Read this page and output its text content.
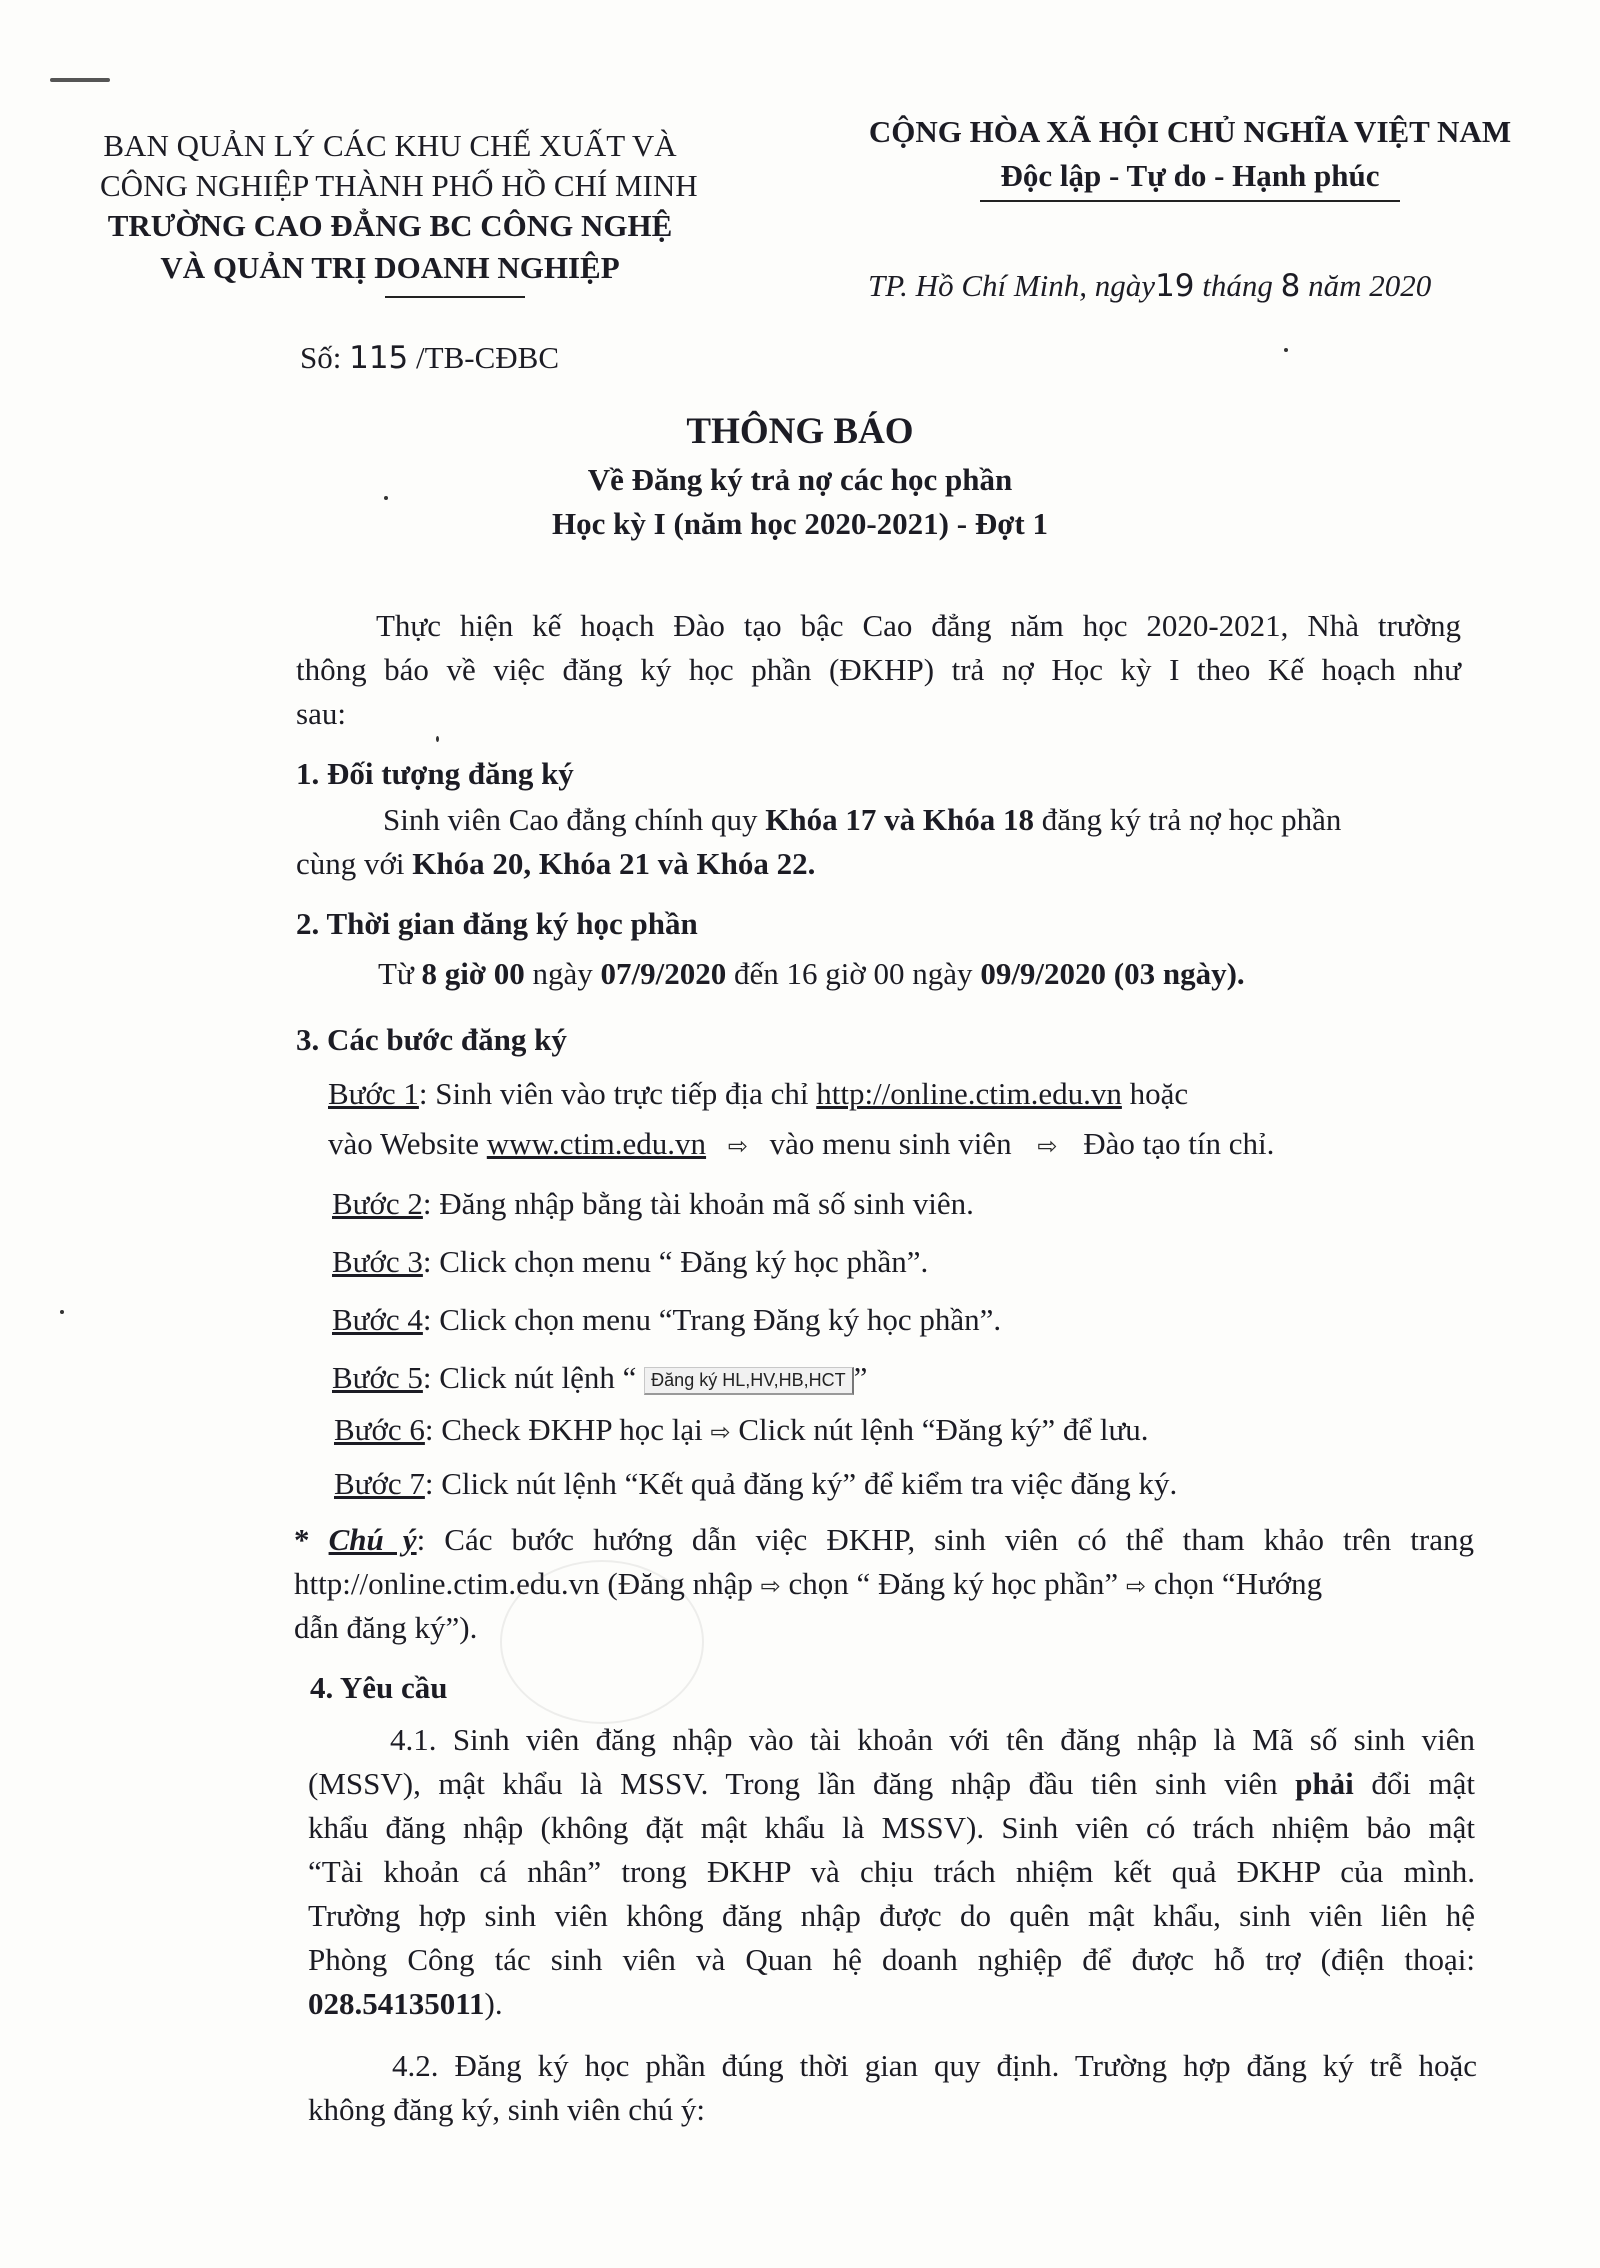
BAN QUẢN LÝ CÁC KHU CHẾ XUẤT VÀ
CÔNG NGHIỆP THÀNH PHỐ HỒ CHÍ MINH
TRƯỜNG CAO ĐẲNG BC CÔNG NGHỆ
VÀ QUẢN TRỊ DOANH NGHIỆP
Số: 115 /TB-CĐBC
CỘNG HÒA XÃ HỘI CHỦ NGHĨA VIỆT NAM
Độc lập - Tự do - Hạnh phúc
TP. Hồ Chí Minh, ngày19 tháng 8 năm 2020
THÔNG BÁO
Về Đăng ký trả nợ các học phần
Học kỳ I (năm học 2020-2021) - Đợt 1
Thực hiện kế hoạch Đào tạo bậc Cao đẳng năm học 2020-2021, Nhà trường
thông báo về việc đăng ký học phần (ĐKHP) trả nợ Học kỳ I theo Kế hoạch như
sau:
1. Đối tượng đăng ký
Sinh viên Cao đẳng chính quy Khóa 17 và Khóa 18 đăng ký trả nợ học phần
cùng với Khóa 20, Khóa 21 và Khóa 22.
2. Thời gian đăng ký học phần
Từ 8 giờ 00 ngày 07/9/2020 đến 16 giờ 00 ngày 09/9/2020 (03 ngày).
3. Các bước đăng ký
Bước 1: Sinh viên vào trực tiếp địa chỉ http://online.ctim.edu.vn hoặc
vào Website www.ctim.edu.vn ⇨ vào menu sinh viên ⇨ Đào tạo tín chỉ.
Bước 2: Đăng nhập bằng tài khoản mã số sinh viên.
Bước 3: Click chọn menu “ Đăng ký học phần”.
Bước 4: Click chọn menu “Trang Đăng ký học phần”.
Bước 5: Click nút lệnh “ Đăng ký HL,HV,HB,HCT ”
Bước 6: Check ĐKHP học lại ⇨ Click nút lệnh “Đăng ký” để lưu.
Bước 7: Click nút lệnh “Kết quả đăng ký” để kiểm tra việc đăng ký.
* Chú ý: Các bước hướng dẫn việc ĐKHP, sinh viên có thể tham khảo trên trang
http://online.ctim.edu.vn (Đăng nhập ⇨ chọn “ Đăng ký học phần” ⇨ chọn “Hướng
dẫn đăng ký”).
4. Yêu cầu
4.1. Sinh viên đăng nhập vào tài khoản với tên đăng nhập là Mã số sinh viên
(MSSV), mật khẩu là MSSV. Trong lần đăng nhập đầu tiên sinh viên phải đổi mật
khẩu đăng nhập (không đặt mật khẩu là MSSV). Sinh viên có trách nhiệm bảo mật
“Tài khoản cá nhân” trong ĐKHP và chịu trách nhiệm kết quả ĐKHP của mình.
Trường hợp sinh viên không đăng nhập được do quên mật khẩu, sinh viên liên hệ
Phòng Công tác sinh viên và Quan hệ doanh nghiệp để được hỗ trợ (điện thoại:
028.54135011).
4.2. Đăng ký học phần đúng thời gian quy định. Trường hợp đăng ký trễ hoặc
không đăng ký, sinh viên chú ý:
